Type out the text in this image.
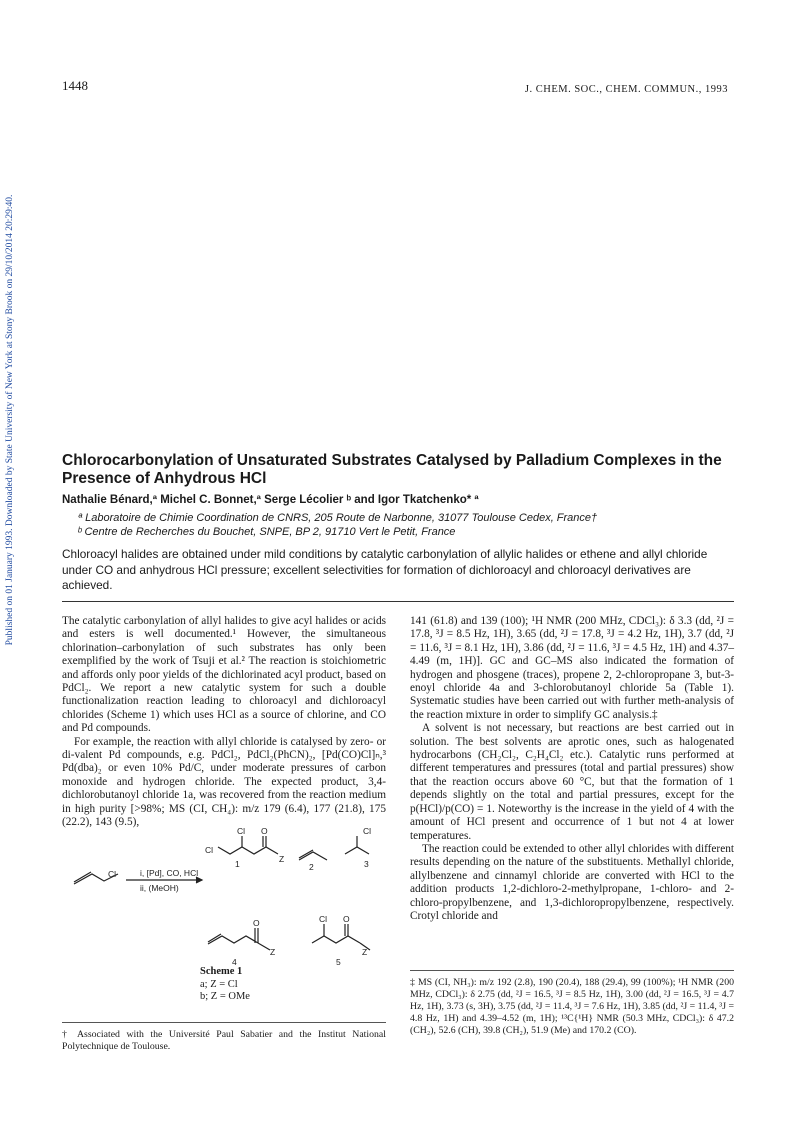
Published on 01 January 1993. Downloaded by State University of New York at Stony Brook on 29/10/2014 20:29:40.
1448	J. CHEM. SOC., CHEM. COMMUN., 1993
Chlorocarbonylation of Unsaturated Substrates Catalysed by Palladium Complexes in the Presence of Anhydrous HCl
Nathalie Bénard,ª Michel C. Bonnet,ª Serge Lécolier ᵇ and Igor Tkatchenko* ª
ª Laboratoire de Chimie Coordination de CNRS, 205 Route de Narbonne, 31077 Toulouse Cedex, France†
ᵇ Centre de Recherches du Bouchet, SNPE, BP 2, 91710 Vert le Petit, France
Chloroacyl halides are obtained under mild conditions by catalytic carbonylation of allylic halides or ethene and allyl chloride under CO and anhydrous HCl pressure; excellent selectivities for formation of dichloroacyl and chloroacyl derivatives are achieved.

The catalytic carbonylation of allyl halides to give acyl halides or acids and esters is well documented.¹ However, the simultaneous chlorination–carbonylation of such substrates has only been exemplified by the work of Tsuji et al.² The reaction is stoichiometric and affords only poor yields of the dichlorinated acyl product, based on PdCl₂. We report a new catalytic system for such a double functionalization reaction leading to chloroacyl and dichloroacyl chlorides (Scheme 1) which uses HCl as a source of chlorine, and CO and Pd compounds.

For example, the reaction with allyl chloride is catalysed by zero- or di-valent Pd compounds, e.g. PdCl₂, PdCl₂(PhCN)₂, [Pd(CO)Cl]ₙ,³ Pd(dba)₂ or even 10% Pd/C, under moderate pressures of carbon monoxide and hydrogen chloride. The expected product, 3,4-dichlorobutanoyl chloride 1a, was recovered from the reaction medium in high purity [>98%; MS (CI, CH₄): m/z 179 (6.4), 177 (21.8), 175 (22.2), 143 (9.5),

Cl	i, [Pd], CO, HCl
ii, (MeOH)
Cl
Cl O
Z
1	2
Cl
3
O
Z
4
Cl O
Z
5
Scheme 1
a; Z = Cl
b; Z = OMe
† Associated with the Université Paul Sabatier and the Institut National Polytechnique de Toulouse.

141 (61.8) and 139 (100); ¹H NMR (200 MHz, CDCl₃): δ 3.3 (dd, ²J = 17.8, ³J = 8.5 Hz, 1H), 3.65 (dd, ²J = 17.8, ³J = 4.2 Hz, 1H), 3.7 (dd, ²J = 11.6, ³J = 8.1 Hz, 1H), 3.86 (dd, ²J = 11.6, ³J = 4.5 Hz, 1H) and 4.37–4.49 (m, 1H)]. GC and GC–MS also indicated the formation of hydrogen and phosgene (traces), propene 2, 2-chloropropane 3, but-3-enoyl chloride 4a and 3-chlorobutanoyl chloride 5a (Table 1). Systematic studies have been carried out with further meth-analysis of the reaction mixture in order to simplify GC analysis.‡

A solvent is not necessary, but reactions are best carried out in solution. The best solvents are aprotic ones, such as halogenated hydrocarbons (CH₂Cl₂, C₂H₄Cl₂ etc.). Catalytic runs performed at different temperatures and pressures (total and partial pressures) show that the reaction occurs above 60 °C, but that the formation of 1 depends slightly on the total and partial pressures, except for the p(HCl)/p(CO) = 1. Noteworthy is the increase in the yield of 4 with the amount of HCl present and occurrence of 1 but not 4 at lower temperatures.

The reaction could be extended to other allyl chlorides with different results depending on the nature of the substituents. Methallyl chloride, allylbenzene and cinnamyl chloride are converted with HCl to the addition products 1,2-dichloro-2-methylpropane, 1-chloro- and 2-chloro-propylbenzene, and 1,3-dichloropropylbenzene, respectively. Crotyl chloride and

‡ MS (CI, NH₃): m/z 192 (2.8), 190 (20.4), 188 (29.4), 99 (100%); ¹H NMR (200 MHz, CDCl₃): δ 2.75 (dd, ²J = 16.5, ³J = 8.5 Hz, 1H), 3.00 (dd, ²J = 16.5, ³J = 4.7 Hz, 1H), 3.73 (s, 3H), 3.75 (dd, ²J = 11.4, ³J = 7.6 Hz, 1H), 3.85 (dd, ²J = 11.4, ³J = 4.8 Hz, 1H) and 4.39–4.52 (m, 1H); ¹³C{¹H} NMR (50.3 MHz, CDCl₃): δ 47.2 (CH₂), 52.6 (CH), 39.8 (CH₂), 51.9 (Me) and 170.2 (CO).
